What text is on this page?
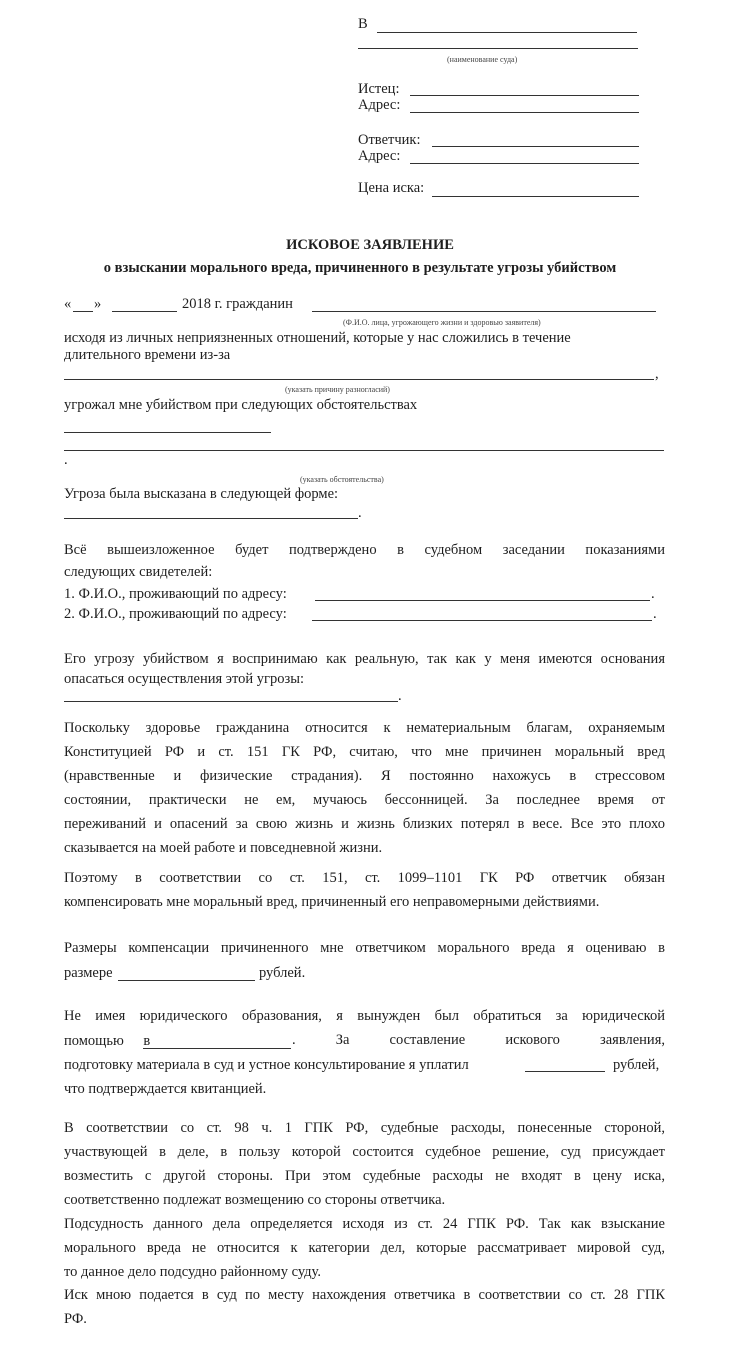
В
(наименование суда)
Истец:
Адрес:
Ответчик:
Адрес:
Цена иска:
ИСКОВОЕ ЗАЯВЛЕНИЕ
о взыскании морального вреда, причиненного в результате угрозы убийством
« »	2018 г. гражданин
(Ф.И.О. лица, угрожающего жизни и здоровью заявителя)
исходя из личных неприязненных отношений, которые у нас сложились в течение
длительного времени из-за
,
(указать причину разногласий)
угрожал мне убийством при следующих обстоятельствах
.
(указать обстоятельства)
Угроза была высказана в следующей форме:
.
Всё вышеизложенное будет подтверждено в судебном заседании показаниями
следующих свидетелей:
1. Ф.И.О., проживающий по адресу:	.
2. Ф.И.О., проживающий по адресу:	.
Его угрозу убийством я воспринимаю как реальную, так как у меня имеются основания
опасаться осуществления этой угрозы:
.
Поскольку здоровье гражданина относится к нематериальным благам, охраняемым
Конституцией РФ и ст. 151 ГК РФ, считаю, что мне причинен моральный вред
(нравственные и физические страдания). Я постоянно нахожусь в стрессовом
состоянии, практически не ем, мучаюсь бессонницей. За последнее время от
переживаний и опасений за свою жизнь и жизнь близких потерял в весе. Все это плохо
сказывается на моей работе и повседневной жизни.
Поэтому в соответствии со ст. 151, ст. 1099–1101 ГК РФ ответчик обязан
компенсировать мне моральный вред, причиненный его неправомерными действиями.
Размеры компенсации причиненного мне ответчиком морального вреда я оцениваю в
размере	рублей.
Не имея юридического образования, я вынужден был обратиться за юридической
помощью в	. За составление искового заявления,
подготовку материала в суд и устное консультирование я уплатил	рублей,
что подтверждается квитанцией.
В соответствии со ст. 98 ч. 1 ГПК РФ, судебные расходы, понесенные стороной,
участвующей в деле, в пользу которой состоится судебное решение, суд присуждает
возместить с другой стороны. При этом судебные расходы не входят в цену иска,
соответственно подлежат возмещению со стороны ответчика.
Подсудность данного дела определяется исходя из ст. 24 ГПК РФ. Так как взыскание
морального вреда не относится к категории дел, которые рассматривает мировой суд,
то данное дело подсудно районному суду.
Иск мною подается в суд по месту нахождения ответчика в соответствии со ст. 28 ГПК
РФ.
